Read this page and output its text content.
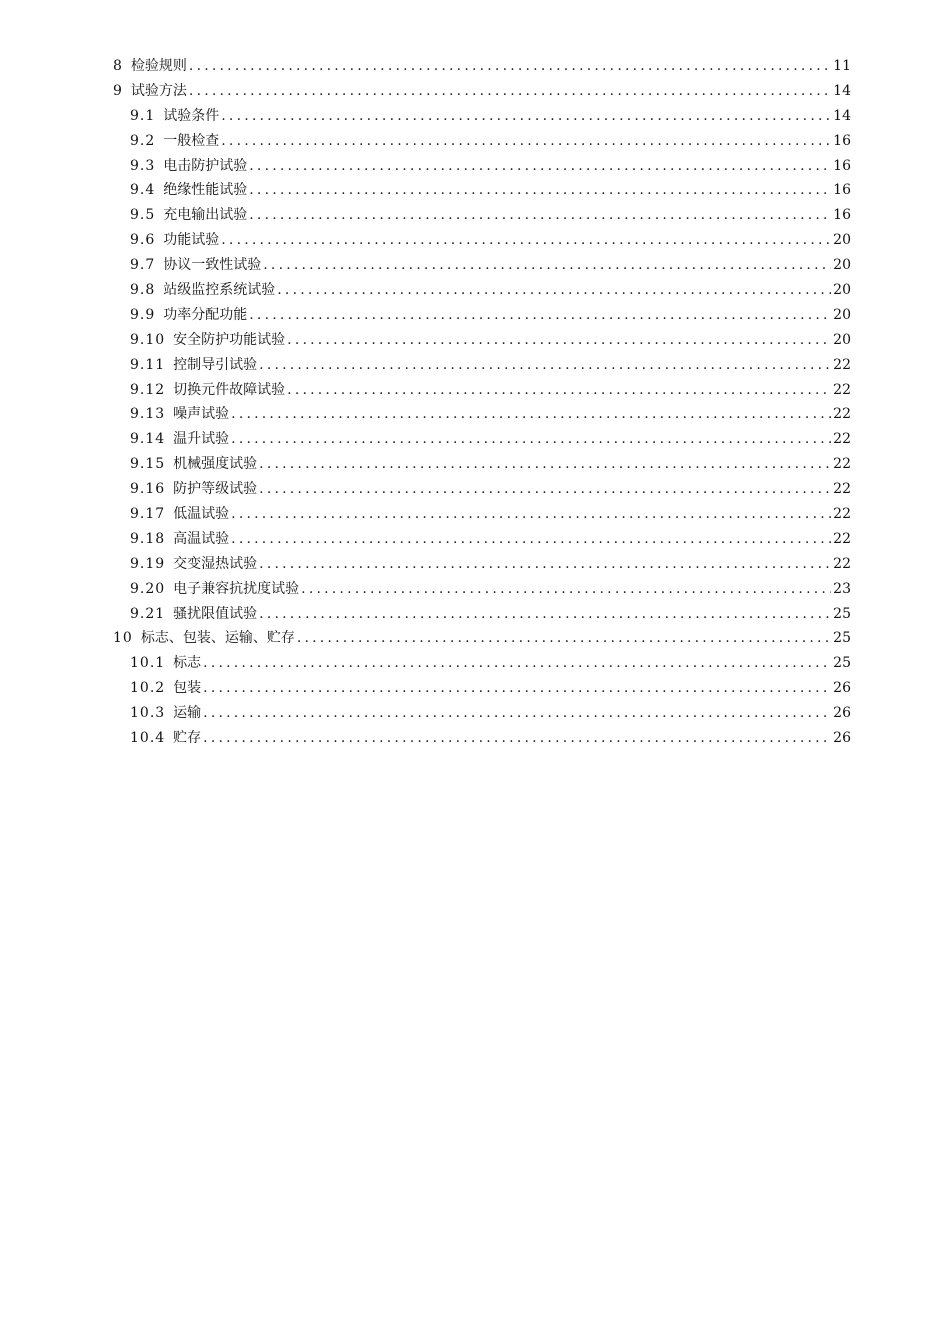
8 检验规则 .....	11
9 试验方法 .....	14
9.1 试验条件 .....	14
9.2 一般检查 .....	16
9.3 电击防护试验 .....	16
9.4 绝缘性能试验 .....	16
9.5 充电输出试验 .....	16
9.6 功能试验 .....	20
9.7 协议一致性试验 .....	20
9.8 站级监控系统试验 .....	20
9.9 功率分配功能 .....	20
9.10 安全防护功能试验 .....	20
9.11 控制导引试验 .....	22
9.12 切换元件故障试验 .....	22
9.13 噪声试验 .....	22
9.14 温升试验 .....	22
9.15 机械强度试验 .....	22
9.16 防护等级试验 .....	22
9.17 低温试验 .....	22
9.18 高温试验 .....	22
9.19 交变湿热试验 .....	22
9.20 电子兼容抗扰度试验 .....	23
9.21 骚扰限值试验 .....	25
10 标志、包装、运输、贮存 .....	25
10.1 标志 .....	25
10.2 包装 .....	26
10.3 运输 .....	26
10.4 贮存 .....	26
